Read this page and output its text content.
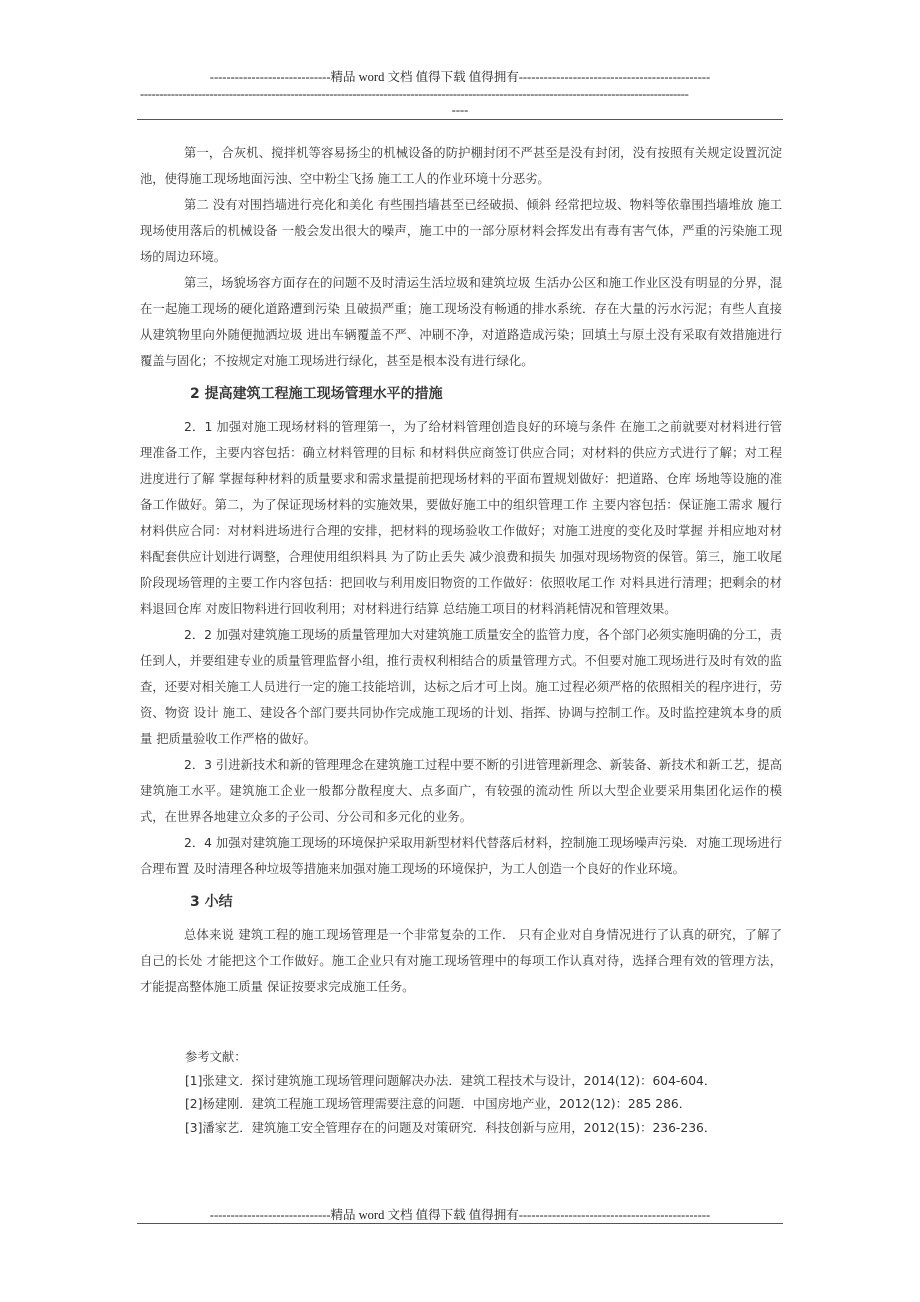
-----------------------------精品 word 文档 值得下载 值得拥有----------------------------------------------
----------------------------------------------------------------------------------------------------------------------------------------------
----

第一，合灰机、搅拌机等容易扬尘的机械设备的防护棚封闭不严甚至是没有封闭，没有按照有关规定设置沉淀池，使得施工现场地面污浊、空中粉尘飞扬 施工工人的作业环境十分恶劣。

第二 没有对围挡墙进行亮化和美化 有些围挡墙甚至已经破损、倾斜 经常把垃圾、物料等依靠围挡墙堆放 施工现场使用落后的机械设备 一般会发出很大的噪声，施工中的一部分原材料会挥发出有毒有害气体，严重的污染施工现场的周边环境。

第三，场貌场容方面存在的问题不及时清运生活垃圾和建筑垃圾 生活办公区和施工作业区没有明显的分界，混在一起施工现场的硬化道路遭到污染 且破损严重；施工现场没有畅通的排水系统．存在大量的污水污泥；有些人直接从建筑物里向外随便抛洒垃圾 进出车辆覆盖不严、冲刷不净，对道路造成污染；回填土与原土没有采取有效措施进行覆盖与固化；不按规定对施工现场进行绿化，甚至是根本没有进行绿化。

2 提高建筑工程施工现场管理水平的措施

2．1 加强对施工现场材料的管理第一，为了给材料管理创造良好的环境与条件 在施工之前就要对材料进行管理准备工作，主要内容包括：确立材料管理的目标 和材料供应商签订供应合同；对材料的供应方式进行了解；对工程进度进行了解 掌握每种材料的质量要求和需求量提前把现场材料的平面布置规划做好：把道路、仓库 场地等设施的准备工作做好。第二，为了保证现场材料的实施效果，要做好施工中的组织管理工作 主要内容包括：保证施工需求 履行材料供应合同：对材料进场进行合理的安排，把材料的现场验收工作做好；对施工进度的变化及时掌握 并相应地对材料配套供应计划进行调整，合理使用组织料具 为了防止丢失 减少浪费和损失 加强对现场物资的保管。第三，施工收尾阶段现场管理的主要工作内容包括：把回收与利用废旧物资的工作做好：依照收尾工作 对料具进行清理；把剩余的材料退回仓库 对废旧物料进行回收利用；对材料进行结算 总结施工项目的材料消耗情况和管理效果。

2．2 加强对建筑施工现场的质量管理加大对建筑施工质量安全的监管力度，各个部门必须实施明确的分工，责任到人，并要组建专业的质量管理监督小组，推行责权利相结合的质量管理方式。不但要对施工现场进行及时有效的监查，还要对相关施工人员进行一定的施工技能培训，达标之后才可上岗。施工过程必须严格的依照相关的程序进行，劳资、物资 设计 施工、建设各个部门要共同协作完成施工现场的计划、指挥、协调与控制工作。及时监控建筑本身的质量 把质量验收工作严格的做好。

2．3 引进新技术和新的管理理念在建筑施工过程中要不断的引进管理新理念、新装备、新技术和新工艺，提高建筑施工水平。建筑施工企业一般都分散程度大、点多面广，有较强的流动性 所以大型企业要采用集团化运作的模式，在世界各地建立众多的子公司、分公司和多元化的业务。

2．4 加强对建筑施工现场的环境保护采取用新型材料代替落后材料，控制施工现场噪声污染．对施工现场进行合理布置 及时清理各种垃圾等措施来加强对施工现场的环境保护，为工人创造一个良好的作业环境。

3 小结

总体来说 建筑工程的施工现场管理是一个非常复杂的工作． 只有企业对自身情况进行了认真的研究，了解了自己的长处 才能把这个工作做好。施工企业只有对施工现场管理中的每项工作认真对待，选择合理有效的管理方法，才能提高整体施工质量 保证按要求完成施工任务。

参考文献：
[1]张建文．探讨建筑施工现场管理问题解决办法．建筑工程技术与设计，2014(12)：604-604．
[2]杨建刚．建筑工程施工现场管理需要注意的问题．中国房地产业，2012(12)：285 286．
[3]潘家艺．建筑施工安全管理存在的问题及对策研究．科技创新与应用，2012(15)：236-236．
-----------------------------精品 word 文档 值得下载 值得拥有----------------------------------------------
